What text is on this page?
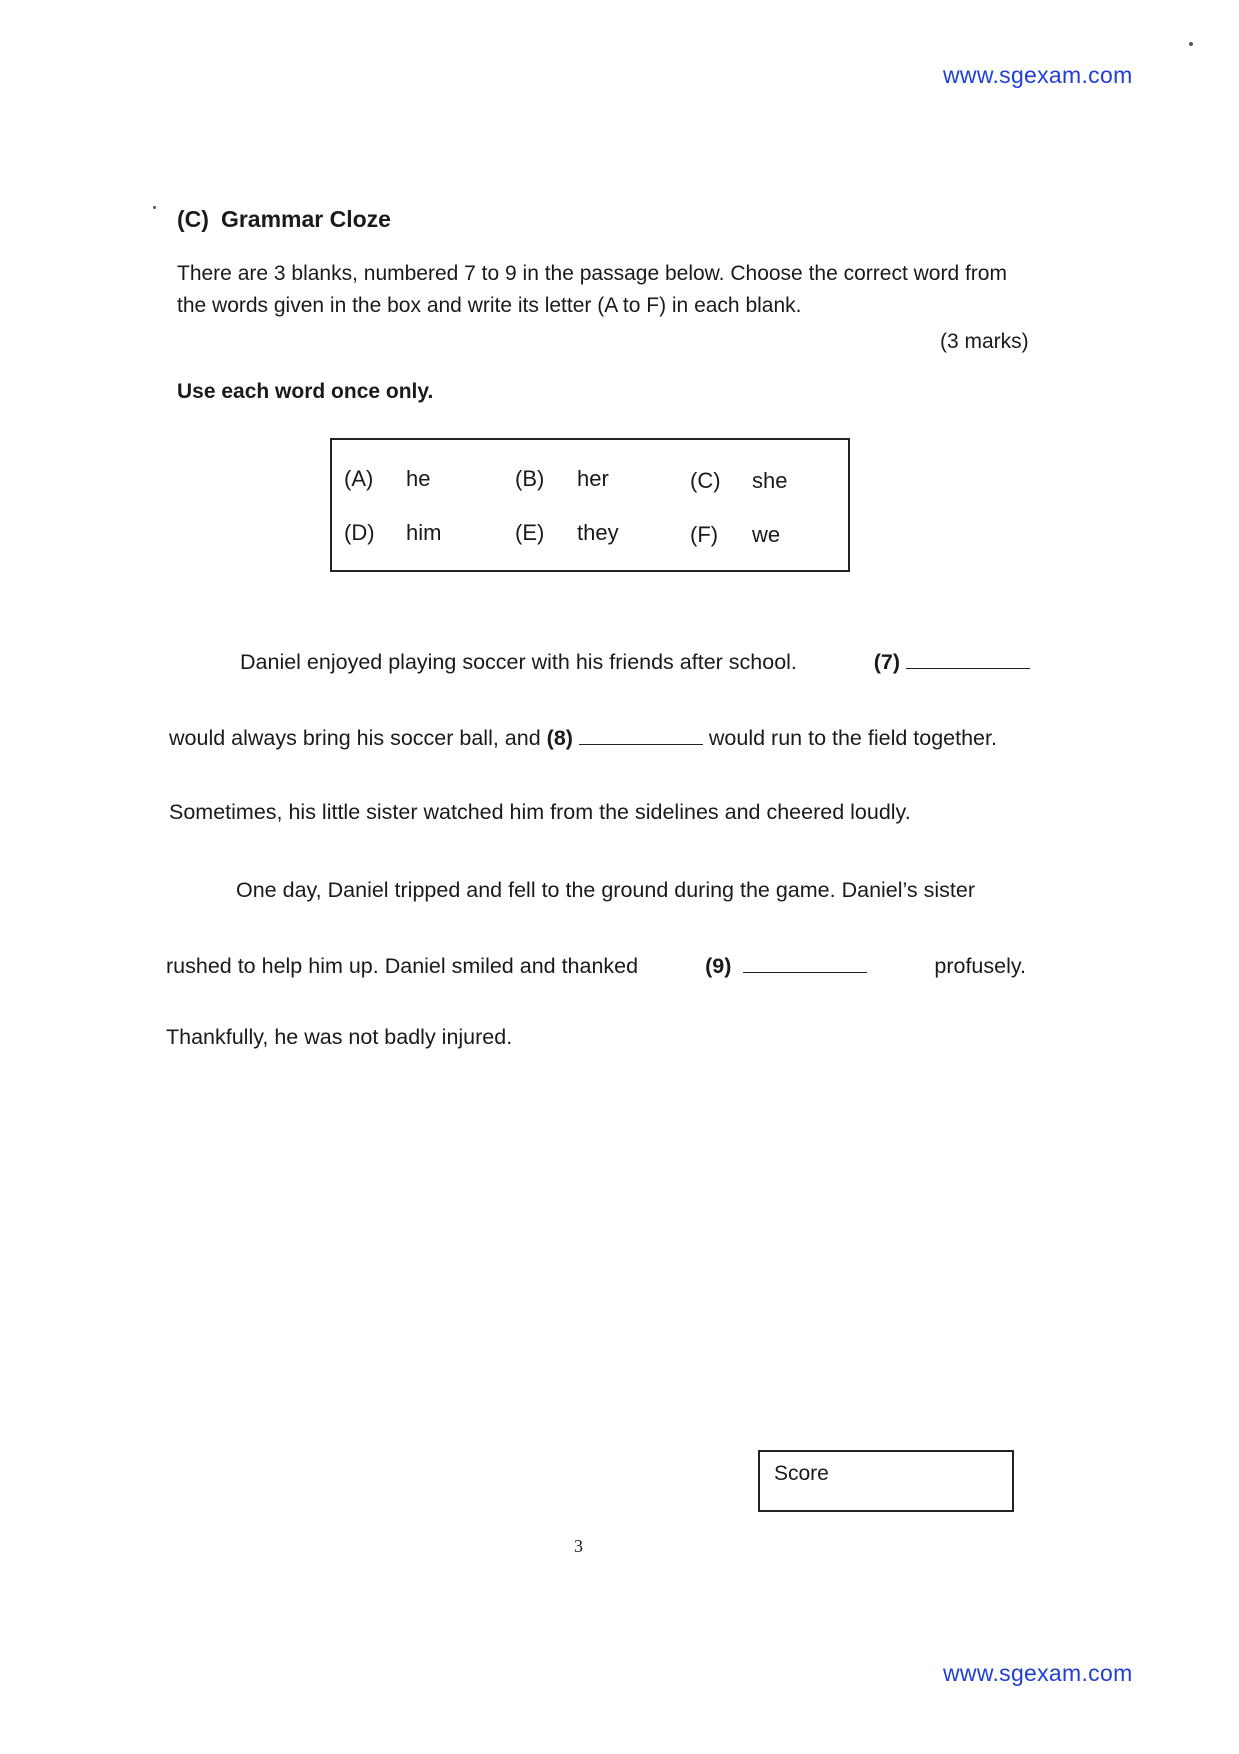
www.sgexam.com
(C) Grammar Cloze
There are 3 blanks, numbered 7 to 9 in the passage below. Choose the correct word from the words given in the box and write its letter (A to F) in each blank.
(3 marks)
Use each word once only.
(A)	he	(B)	her	(C) she
(D) him	(E)	they	(F)	we
Daniel enjoyed playing soccer with his friends after school.	(7)
would always bring his soccer ball, and (8)	would run to the field together.
Sometimes, his little sister watched him from the sidelines and cheered loudly.
One day, Daniel tripped and fell to the ground during the game. Daniel’s sister
rushed to help him up. Daniel smiled and thanked	(9)	profusely.
Thankfully, he was not badly injured.
Score
3
www.sgexam.com
